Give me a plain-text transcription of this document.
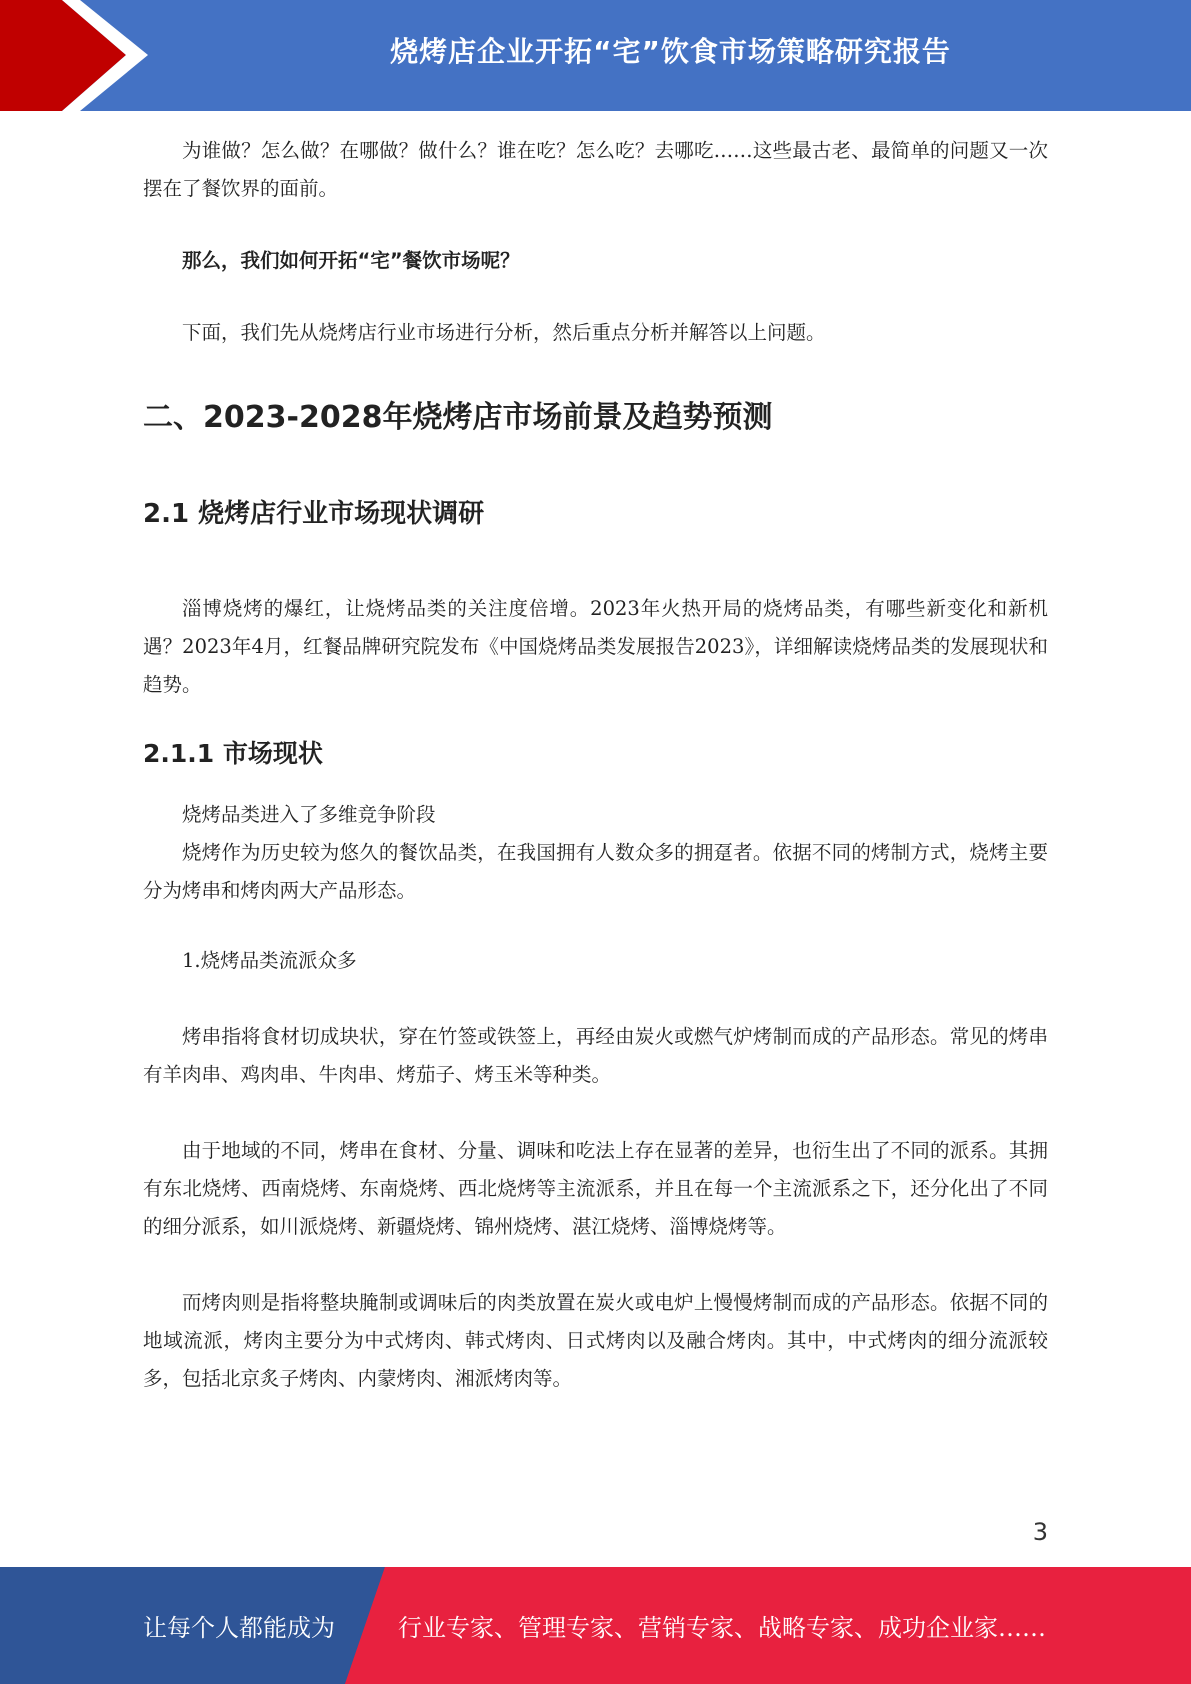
烧烤店企业开拓“宅”饮食市场策略研究报告

为谁做？怎么做？在哪做？做什么？谁在吃？怎么吃？去哪吃……这些最古老、最简单的问题又一次摆在了餐饮界的面前。

那么，我们如何开拓“宅”餐饮市场呢？

下面，我们先从烧烤店行业市场进行分析，然后重点分析并解答以上问题。

二、2023-2028年烧烤店市场前景及趋势预测
2.1 烧烤店行业市场现状调研

淄博烧烤的爆红，让烧烤品类的关注度倍增。2023年火热开局的烧烤品类，有哪些新变化和新机遇？2023年4月，红餐品牌研究院发布《中国烧烤品类发展报告2023》，详细解读烧烤品类的发展现状和趋势。

2.1.1 市场现状

烧烤品类进入了多维竞争阶段

烧烤作为历史较为悠久的餐饮品类，在我国拥有人数众多的拥趸者。依据不同的烤制方式，烧烤主要分为烤串和烤肉两大产品形态。

1.烧烤品类流派众多

烤串指将食材切成块状，穿在竹签或铁签上，再经由炭火或燃气炉烤制而成的产品形态。常见的烤串有羊肉串、鸡肉串、牛肉串、烤茄子、烤玉米等种类。

由于地域的不同，烤串在食材、分量、调味和吃法上存在显著的差异，也衍生出了不同的派系。其拥有东北烧烤、西南烧烤、东南烧烤、西北烧烤等主流派系，并且在每一个主流派系之下，还分化出了不同的细分派系，如川派烧烤、新疆烧烤、锦州烧烤、湛江烧烤、淄博烧烤等。

而烤肉则是指将整块腌制或调味后的肉类放置在炭火或电炉上慢慢烤制而成的产品形态。依据不同的地域流派，烤肉主要分为中式烤肉、韩式烤肉、日式烤肉以及融合烤肉。其中，中式烤肉的细分流派较多，包括北京炙子烤肉、内蒙烤肉、湘派烤肉等。

3
让每个人都能成为	行业专家、管理专家、营销专家、战略专家、成功企业家……
